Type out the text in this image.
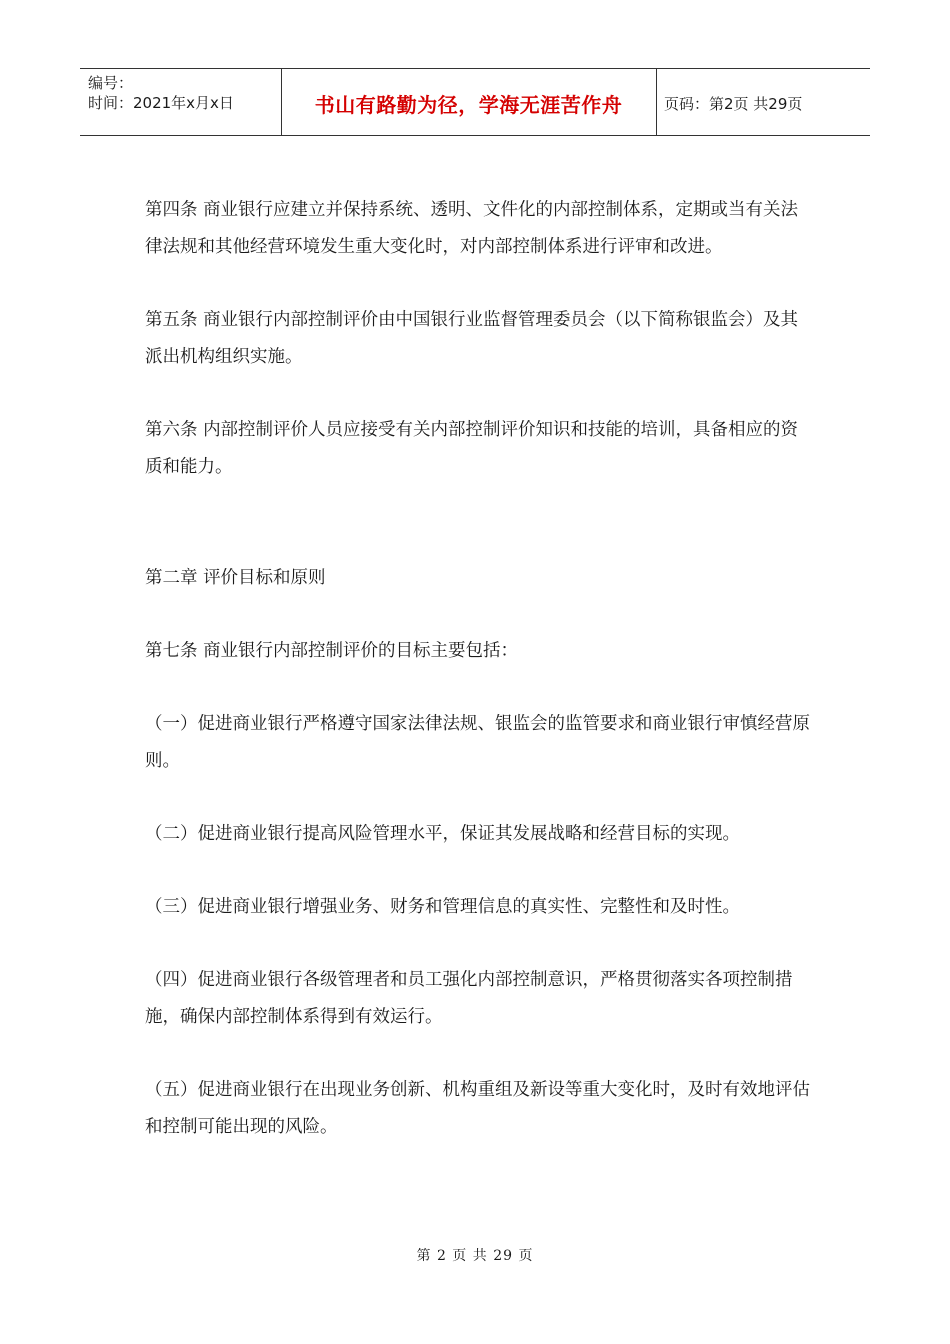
编号：
时间：2021年x月x日	书山有路勤为径，学海无涯苦作舟	页码：第2页 共29页

第四条 商业银行应建立并保持系统、透明、文件化的内部控制体系，定期或当有关法律法规和其他经营环境发生重大变化时，对内部控制体系进行评审和改进。

第五条 商业银行内部控制评价由中国银行业监督管理委员会（以下简称银监会）及其派出机构组织实施。

第六条 内部控制评价人员应接受有关内部控制评价知识和技能的培训，具备相应的资质和能力。

第二章 评价目标和原则

第七条 商业银行内部控制评价的目标主要包括：

（一）促进商业银行严格遵守国家法律法规、银监会的监管要求和商业银行审慎经营原则。

（二）促进商业银行提高风险管理水平，保证其发展战略和经营目标的实现。

（三）促进商业银行增强业务、财务和管理信息的真实性、完整性和及时性。

（四）促进商业银行各级管理者和员工强化内部控制意识，严格贯彻落实各项控制措施，确保内部控制体系得到有效运行。

（五）促进商业银行在出现业务创新、机构重组及新设等重大变化时，及时有效地评估和控制可能出现的风险。

第 2 页 共 29 页
